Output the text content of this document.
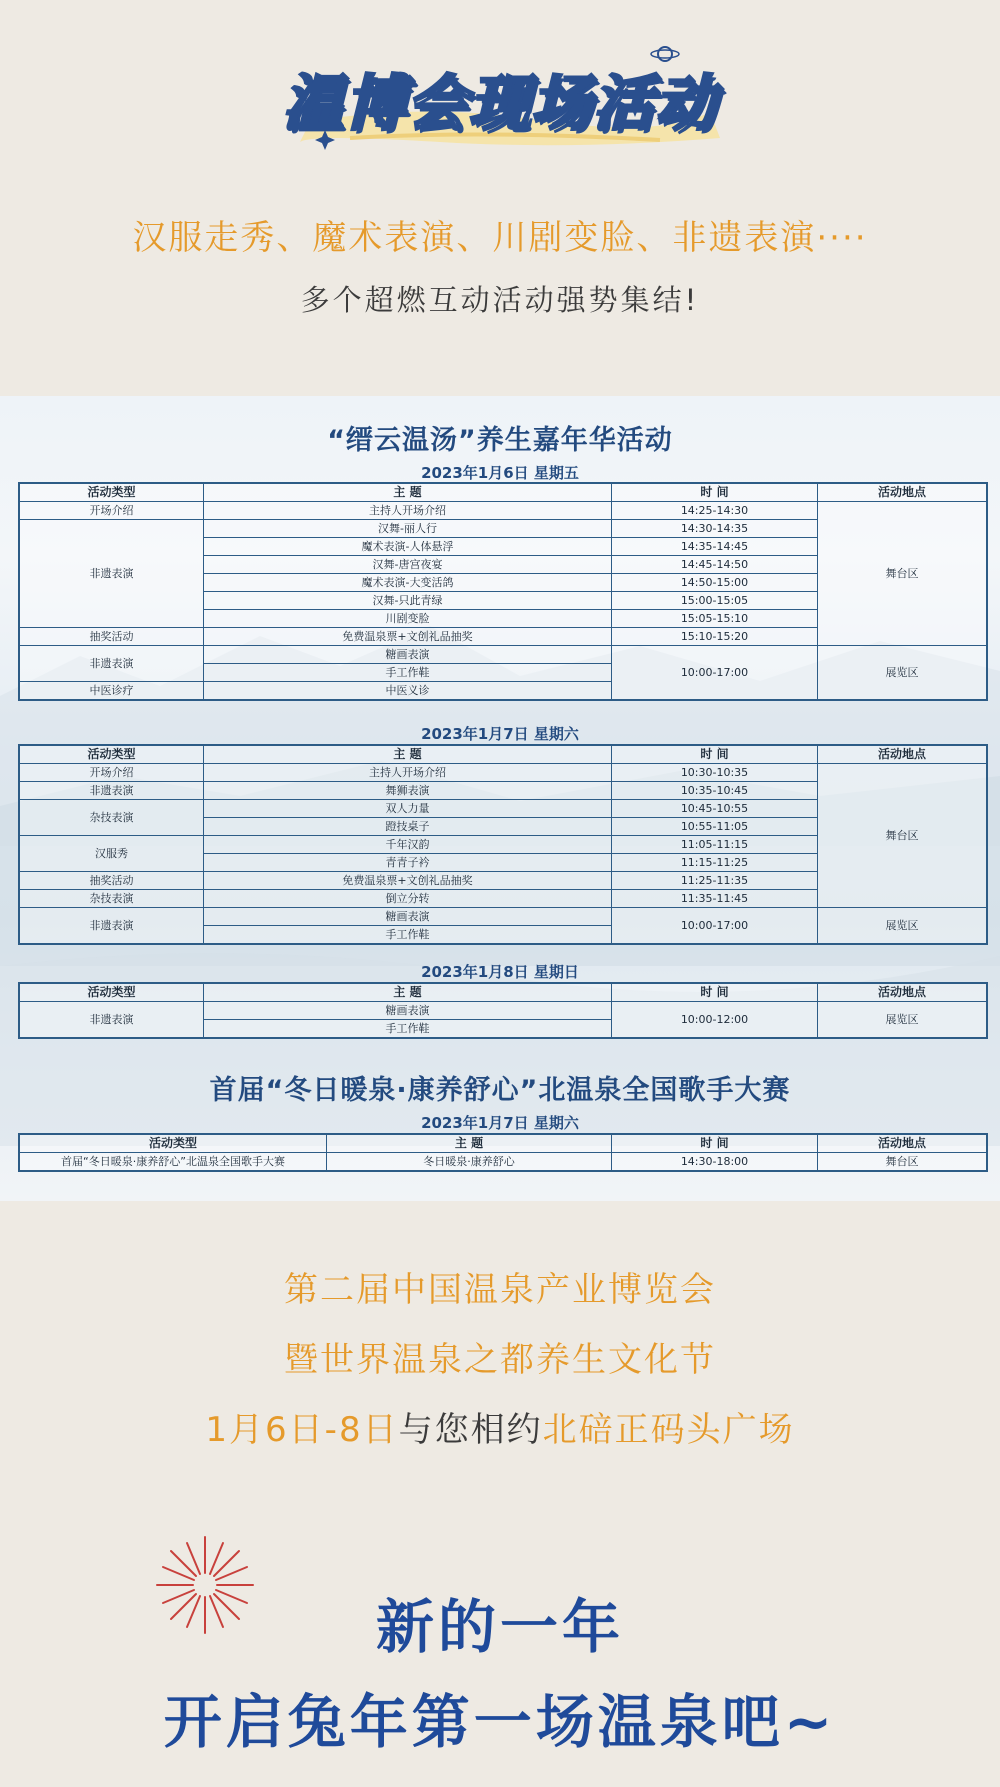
温博会现场活动
汉服走秀、魔术表演、川剧变脸、非遗表演····
多个超燃互动活动强势集结!
“缙云温汤”养生嘉年华活动
2023年1月6日 星期五
活动类型	主 题	时 间	活动地点
开场介绍	主持人开场介绍	14:25-14:30	舞台区
非遗表演	汉舞-丽人行	14:30-14:35	
	魔术表演-人体悬浮	14:35-14:45	
	汉舞-唐宫夜宴	14:45-14:50	
	魔术表演-大变活鸽	14:50-15:00	
	汉舞-只此青绿	15:00-15:05	
	川剧变脸	15:05-15:10	
抽奖活动	免费温泉票+文创礼品抽奖	15:10-15:20	
非遗表演	糖画表演	10:00-17:00	展览区
	手工作鞋		
中医诊疗	中医义诊		
2023年1月7日 星期六
活动类型	主 题	时 间	活动地点
开场介绍	主持人开场介绍	10:30-10:35	舞台区
非遗表演	舞狮表演	10:35-10:45	
杂技表演	双人力量	10:45-10:55	
	蹬技桌子	10:55-11:05	
汉服秀	千年汉韵	11:05-11:15	
	青青子衿	11:15-11:25	
抽奖活动	免费温泉票+文创礼品抽奖	11:25-11:35	
杂技表演	倒立分转	11:35-11:45	
非遗表演	糖画表演	10:00-17:00	展览区
	手工作鞋		
2023年1月8日 星期日
活动类型	主 题	时 间	活动地点
非遗表演	糖画表演	10:00-12:00	展览区
	手工作鞋		
首届“冬日暖泉·康养舒心”北温泉全国歌手大赛
2023年1月7日 星期六
活动类型	主 题	时 间	活动地点
首届“冬日暖泉·康养舒心”北温泉全国歌手大赛	冬日暖泉·康养舒心	14:30-18:00	舞台区
第二届中国温泉产业博览会
暨世界温泉之都养生文化节
1月6日-8日与您相约北碚正码头广场
新的一年
开启兔年第一场温泉吧~
